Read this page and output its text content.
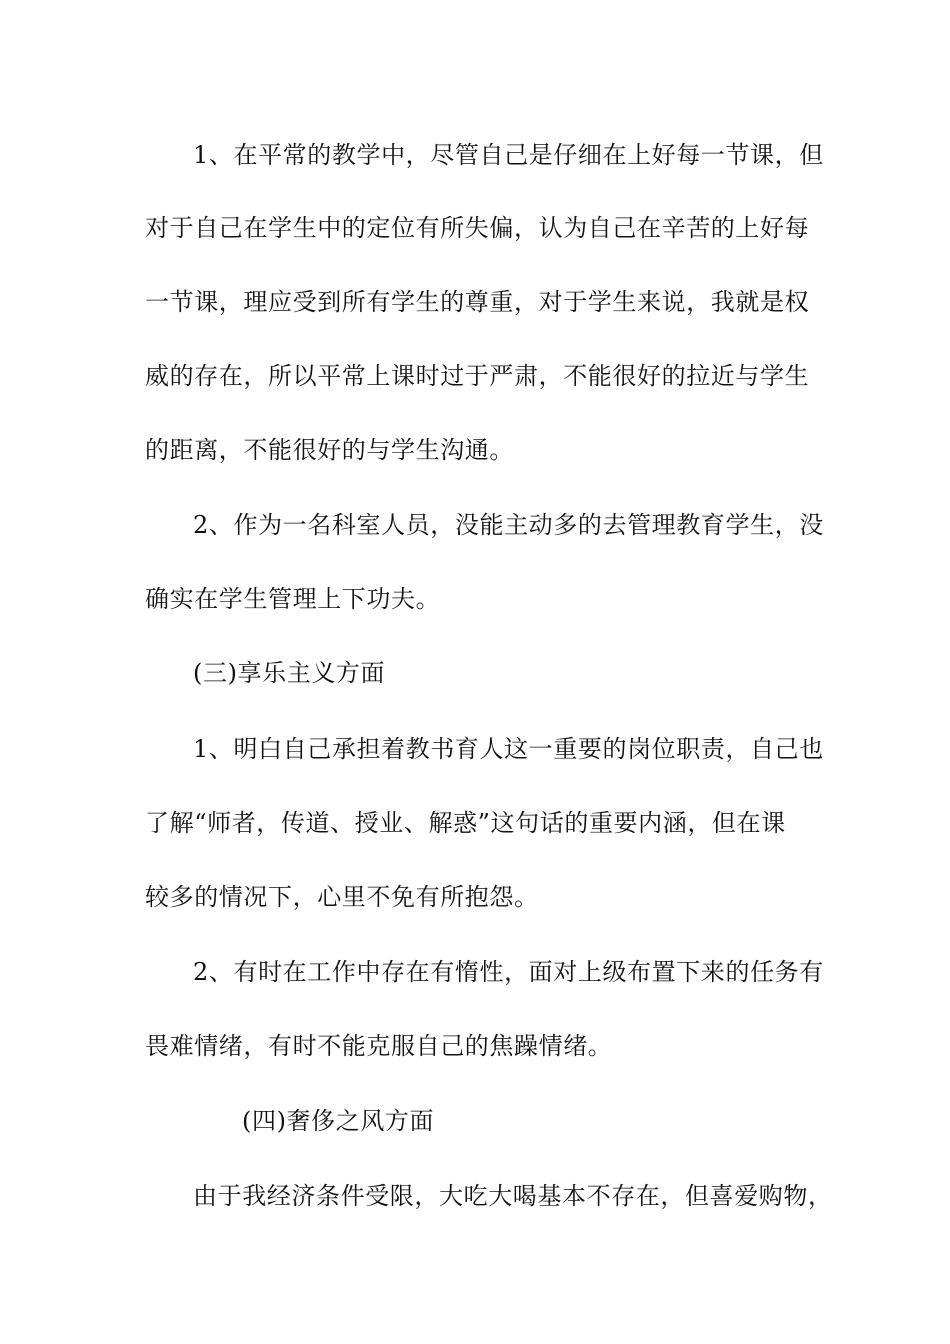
1、在平常的教学中，尽管自己是仔细在上好每一节课，但
对于自己在学生中的定位有所失偏，认为自己在辛苦的上好每
一节课，理应受到所有学生的尊重，对于学生来说，我就是权
威的存在，所以平常上课时过于严肃，不能很好的拉近与学生
的距离，不能很好的与学生沟通。
2、作为一名科室人员，没能主动多的去管理教育学生，没
确实在学生管理上下功夫。
(三)享乐主义方面
1、明白自己承担着教书育人这一重要的岗位职责，自己也
了解“师者，传道、授业、解惑”这句话的重要内涵，但在课
较多的情况下，心里不免有所抱怨。
2、有时在工作中存在有惰性，面对上级布置下来的任务有
畏难情绪，有时不能克服自己的焦躁情绪。
(四)奢侈之风方面
由于我经济条件受限，大吃大喝基本不存在，但喜爱购物，
